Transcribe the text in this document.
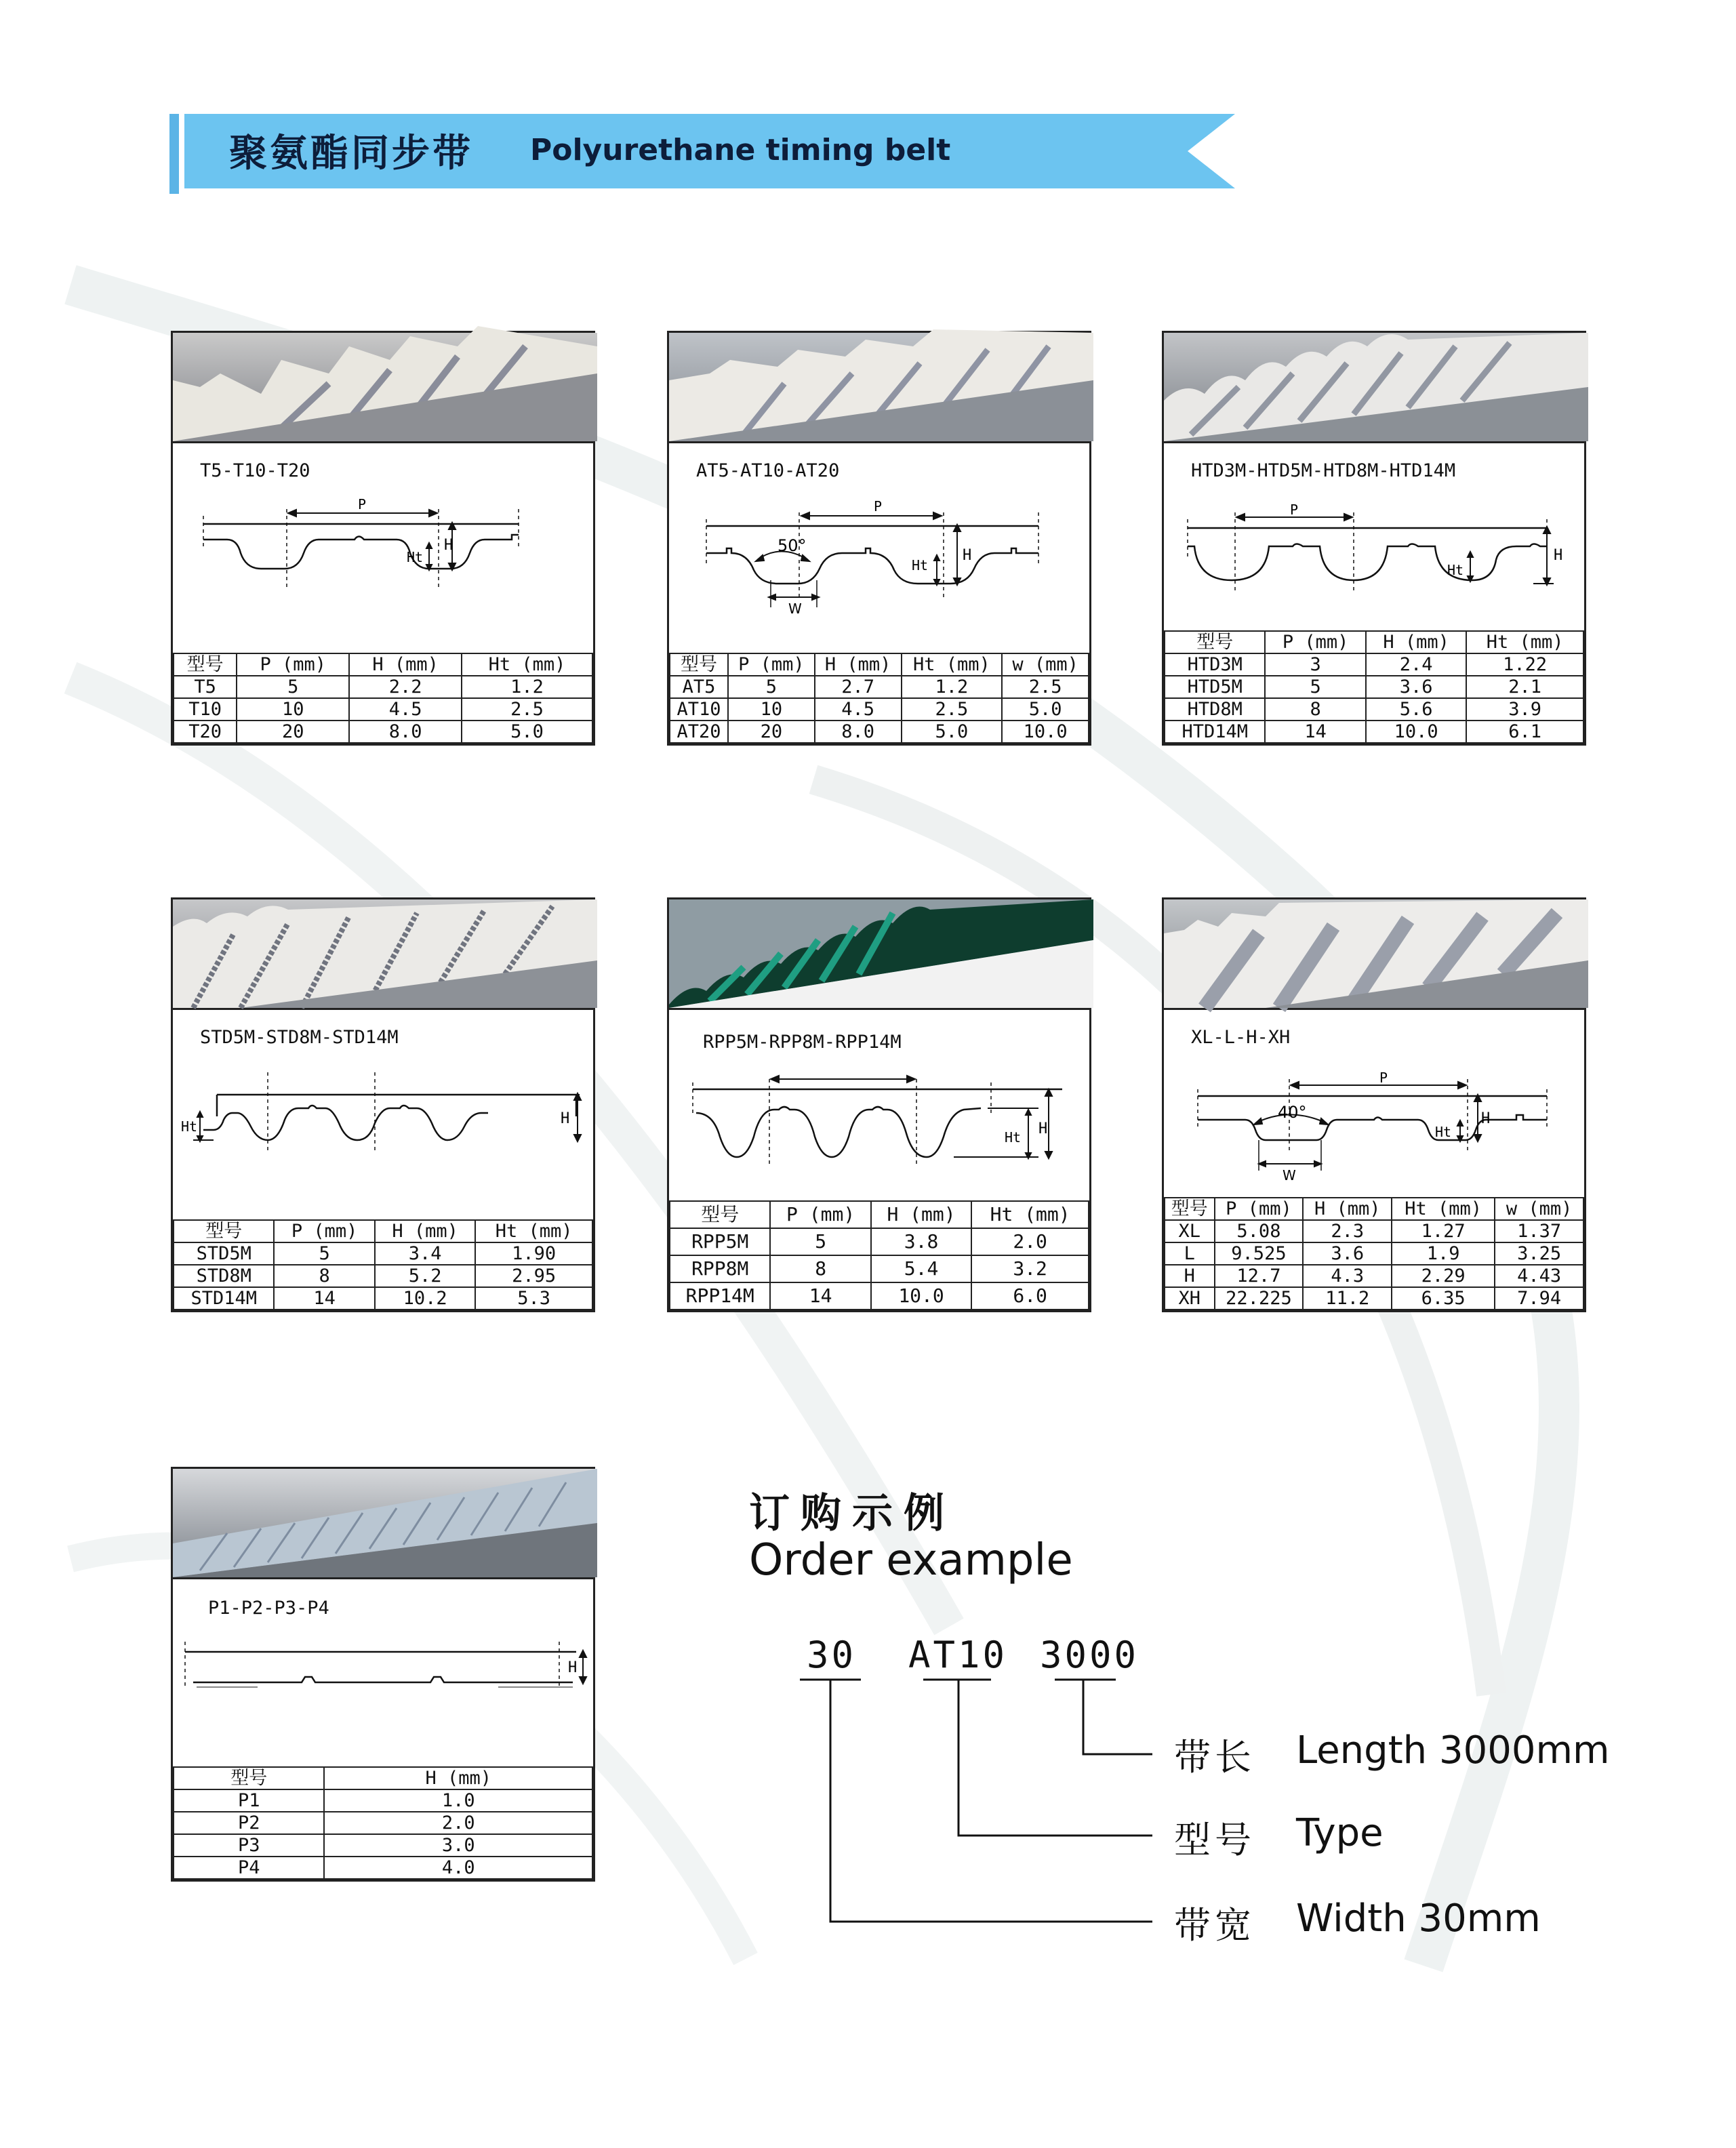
聚氨酯同步带 Polyurethane timing belt
T5-T10-T20
P
H
Ht
型号	P (mm)	H (mm)	Ht (mm)
T5	5	2.2	1.2
T10	10	4.5	2.5
T20	20	8.0	5.0
AT5-AT10-AT20
P
H
Ht
50°
W
型号	P (mm)	H (mm)	Ht (mm)	w (mm)
AT5	5	2.7	1.2	2.5
AT10	10	4.5	2.5	5.0
AT20	20	8.0	5.0	10.0
HTD3M-HTD5M-HTD8M-HTD14M
P
H
Ht
型号	P (mm)	H (mm)	Ht (mm)
HTD3M	3	2.4	1.22
HTD5M	5	3.6	2.1
HTD8M	8	5.6	3.9
HTD14M	14	10.0	6.1
STD5M-STD8M-STD14M
H
Ht
型号	P (mm)	H (mm)	Ht (mm)
STD5M	5	3.4	1.90
STD8M	8	5.2	2.95
STD14M	14	10.2	5.3
RPP5M-RPP8M-RPP14M
H
Ht
型号	P (mm)	H (mm)	Ht (mm)
RPP5M	5	3.8	2.0
RPP8M	8	5.4	3.2
RPP14M	14	10.0	6.0
XL-L-H-XH
P
H
Ht
40°
W
型号	P (mm)	H (mm)	Ht (mm)	w (mm)
XL	5.08	2.3	1.27	1.37
L	9.525	3.6	1.9	3.25
H	12.7	4.3	2.29	4.43
XH	22.225	11.2	6.35	7.94
P1-P2-P3-P4
H
型号	H (mm)
P1	1.0
P2	2.0
P3	3.0
P4	4.0
订购示例
Order example
30 AT10 3000
带长 Length 3000mm
型号 Type
带宽 Width 30mm
